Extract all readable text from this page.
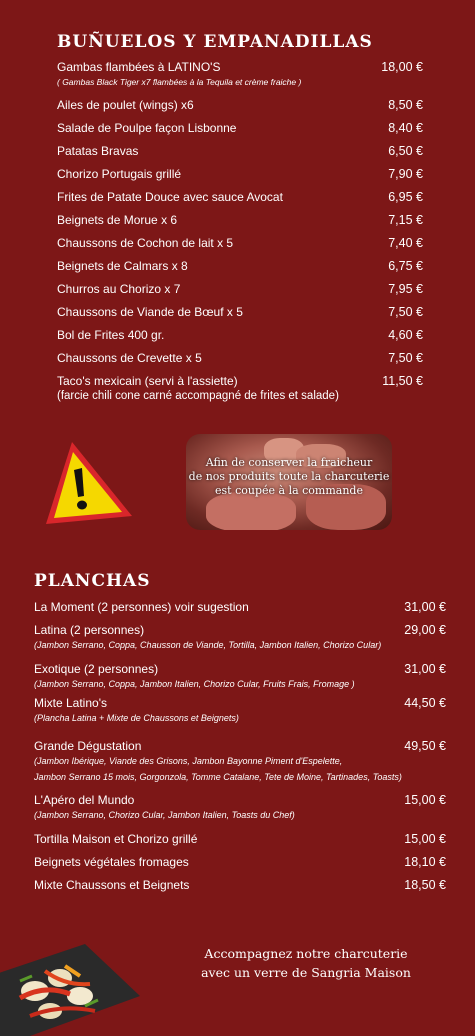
BUÑUELOS Y EMPANADILLAS
Gambas flambées à LATINO'S	18,00 €
( Gambas Black Tiger x7 flambées à la Tequila et crème fraiche )
Ailes de poulet (wings) x6	8,50 €
Salade de Poulpe façon Lisbonne	8,40 €
Patatas Bravas	6,50 €
Chorizo Portugais grillé	7,90 €
Frites de Patate Douce avec sauce Avocat	6,95 €
Beignets de Morue x 6	7,15 €
Chaussons de Cochon de lait x 5	7,40 €
Beignets de Calmars x 8	6,75 €
Churros au Chorizo x 7	7,95 €
Chaussons de Viande de Bœuf x 5	7,50 €
Bol de Frites 400 gr.	4,60 €
Chaussons de Crevette x 5	7,50 €
Taco's mexicain (servi à l'assiette)	11,50 €
(farcie chili cone carné accompagné de frites et salade)
Afin de conserver la fraicheur
de nos produits toute la charcuterie
est coupée à la commande
PLANCHAS
La Moment (2 personnes) voir sugestion	31,00 €
Latina (2 personnes)	29,00 €
(Jambon Serrano, Coppa, Chausson de Viande, Tortilla, Jambon Italien, Chorizo Cular)
Exotique (2 personnes)	31,00 €
(Jambon Serrano, Coppa, Jambon Italien, Chorizo Cular, Fruits Frais, Fromage )
Mixte Latino's	44,50 €
(Plancha Latina + Mixte de Chaussons et Beignets)
Grande Dégustation	49,50 €
(Jambon Ibérique, Viande des Grisons, Jambon Bayonne Piment d'Espelette,
Jambon Serrano 15 mois, Gorgonzola, Tomme Catalane, Tete de Moine, Tartinades, Toasts)
L'Apéro del Mundo	15,00 €
(Jambon Serrano, Chorizo Cular, Jambon Italien, Toasts du Chef)
Tortilla Maison et Chorizo grillé	15,00 €
Beignets végétales fromages	18,10 €
Mixte Chaussons et Beignets	18,50 €
Accompagnez notre charcuterie
avec un verre de Sangria Maison
